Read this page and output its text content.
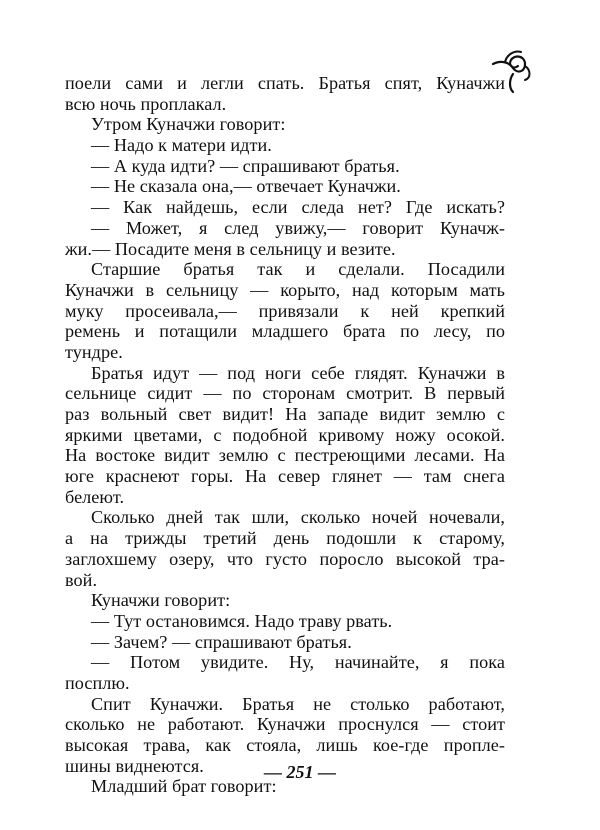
поели сами и легли спать. Братья спят, Куначжи
всю ночь проплакал.
Утром Куначжи говорит:
— Надо к матери идти.
— А куда идти? — спрашивают братья.
— Не сказала она,— отвечает Куначжи.
— Как найдешь, если следа нет? Где искать?
— Может, я след увижу,— говорит Куначж-
жи.— Посадите меня в сельницу и везите.
Старшие братья так и сделали. Посадили
Куначжи в сельницу — корыто, над которым мать
муку просеивала,— привязали к ней крепкий
ремень и потащили младшего брата по лесу, по
тундре.
Братья идут — под ноги себе глядят. Куначжи в
сельнице сидит — по сторонам смотрит. В первый
раз вольный свет видит! На западе видит землю с
яркими цветами, с подобной кривому ножу осокой.
На востоке видит землю с пестреющими лесами. На
юге краснеют горы. На север глянет — там снега
белеют.
Сколько дней так шли, сколько ночей ночевали,
а на трижды третий день подошли к старому,
заглохшему озеру, что густо поросло высокой тра-
вой.
Куначжи говорит:
— Тут остановимся. Надо траву рвать.
— Зачем? — спрашивают братья.
— Потом увидите. Ну, начинайте, я пока
посплю.
Спит Куначжи. Братья не столько работают,
сколько не работают. Куначжи проснулся — стоит
высокая трава, как стояла, лишь кое-где пропле-
шины виднеются.
Младший брат говорит:
— 251 —
